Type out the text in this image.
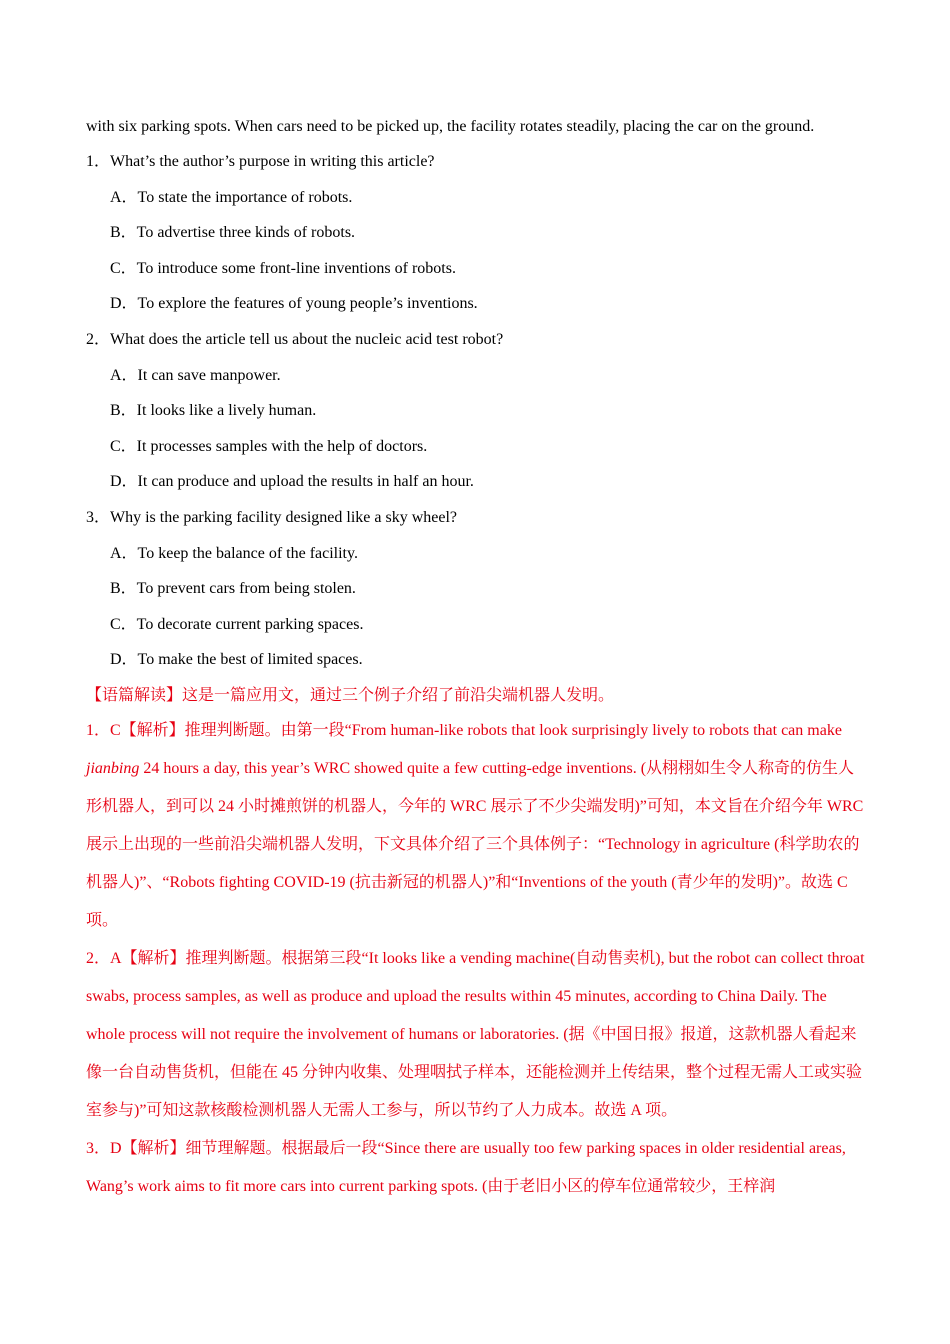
with six parking spots. When cars need to be picked up, the facility rotates steadily, placing the car on the ground.
1．What’s the author’s purpose in writing this article?
A．To state the importance of robots.
B．To advertise three kinds of robots.
C．To introduce some front-line inventions of robots.
D．To explore the features of young people’s inventions.
2．What does the article tell us about the nucleic acid test robot?
A．It can save manpower.
B．It looks like a lively human.
C．It processes samples with the help of doctors.
D．It can produce and upload the results in half an hour.
3．Why is the parking facility designed like a sky wheel?
A．To keep the balance of the facility.
B．To prevent cars from being stolen.
C．To decorate current parking spaces.
D．To make the best of limited spaces.
【语篇解读】这是一篇应用文，通过三个例子介绍了前沿尖端机器人发明。

1．C【解析】推理判断题。由第一段“From human-like robots that look surprisingly lively to robots that can make jianbing 24 hours a day, this year’s WRC showed quite a few cutting-edge inventions. (从栩栩如生令人称奇的仿生人形机器人，到可以 24 小时摊煎饼的机器人，今年的 WRC 展示了不少尖端发明)”可知，本文旨在介绍今年 WRC 展示上出现的一些前沿尖端机器人发明，下文具体介绍了三个具体例子：“Technology in agriculture (科学助农的机器人)”、“Robots fighting COVID-19 (抗击新冠的机器人)”和“Inventions of the youth (青少年的发明)”。故选 C 项。

2．A【解析】推理判断题。根据第三段“It looks like a vending machine(自动售卖机), but the robot can collect throat swabs, process samples, as well as produce and upload the results within 45 minutes, according to China Daily. The whole process will not require the involvement of humans or laboratories. (据《中国日报》报道，这款机器人看起来像一台自动售货机，但能在 45 分钟内收集、处理咽拭子样本，还能检测并上传结果，整个过程无需人工或实验室参与)”可知这款核酸检测机器人无需人工参与，所以节约了人力成本。故选 A 项。

3．D【解析】细节理解题。根据最后一段“Since there are usually too few parking spaces in older residential areas, Wang’s work aims to fit more cars into current parking spots. (由于老旧小区的停车位通常较少，王梓润
